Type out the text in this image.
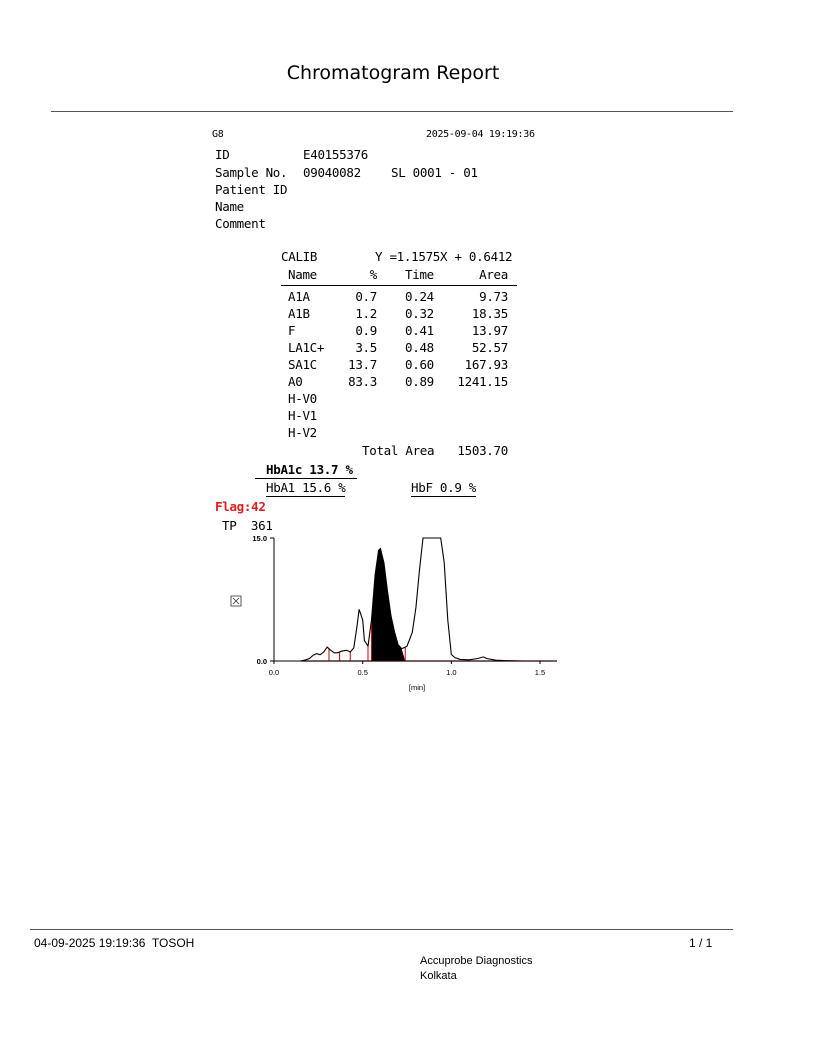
Chromatogram Report
G8	2025-09-04 19:19:36
ID	E40155376
Sample No. 09040082 SL 0001 - 01
Patient ID
Name
Comment
CALIB	Y =1.1575X + 0.6412
Name	% Time	Area
A1A	0.7 0.24	9.73
A1B	1.2 0.32	18.35
F	0.9 0.41	13.97
LA1C+	3.5 0.48	52.57
SA1C	13.7 0.60	167.93
A0	83.3 0.89	1241.15
H-V0
H-V1
H-V2
Total Area	1503.70
HbA1c 13.7 %
HbA1 15.6 %	HbF 0.9 %
Flag:42
TP  361
0.0	0.5	1.0	1.5
0.0
15.0
[min]
04-09-2025 19:19:36  TOSOH	1 / 1
Accuprobe Diagnostics
Kolkata
